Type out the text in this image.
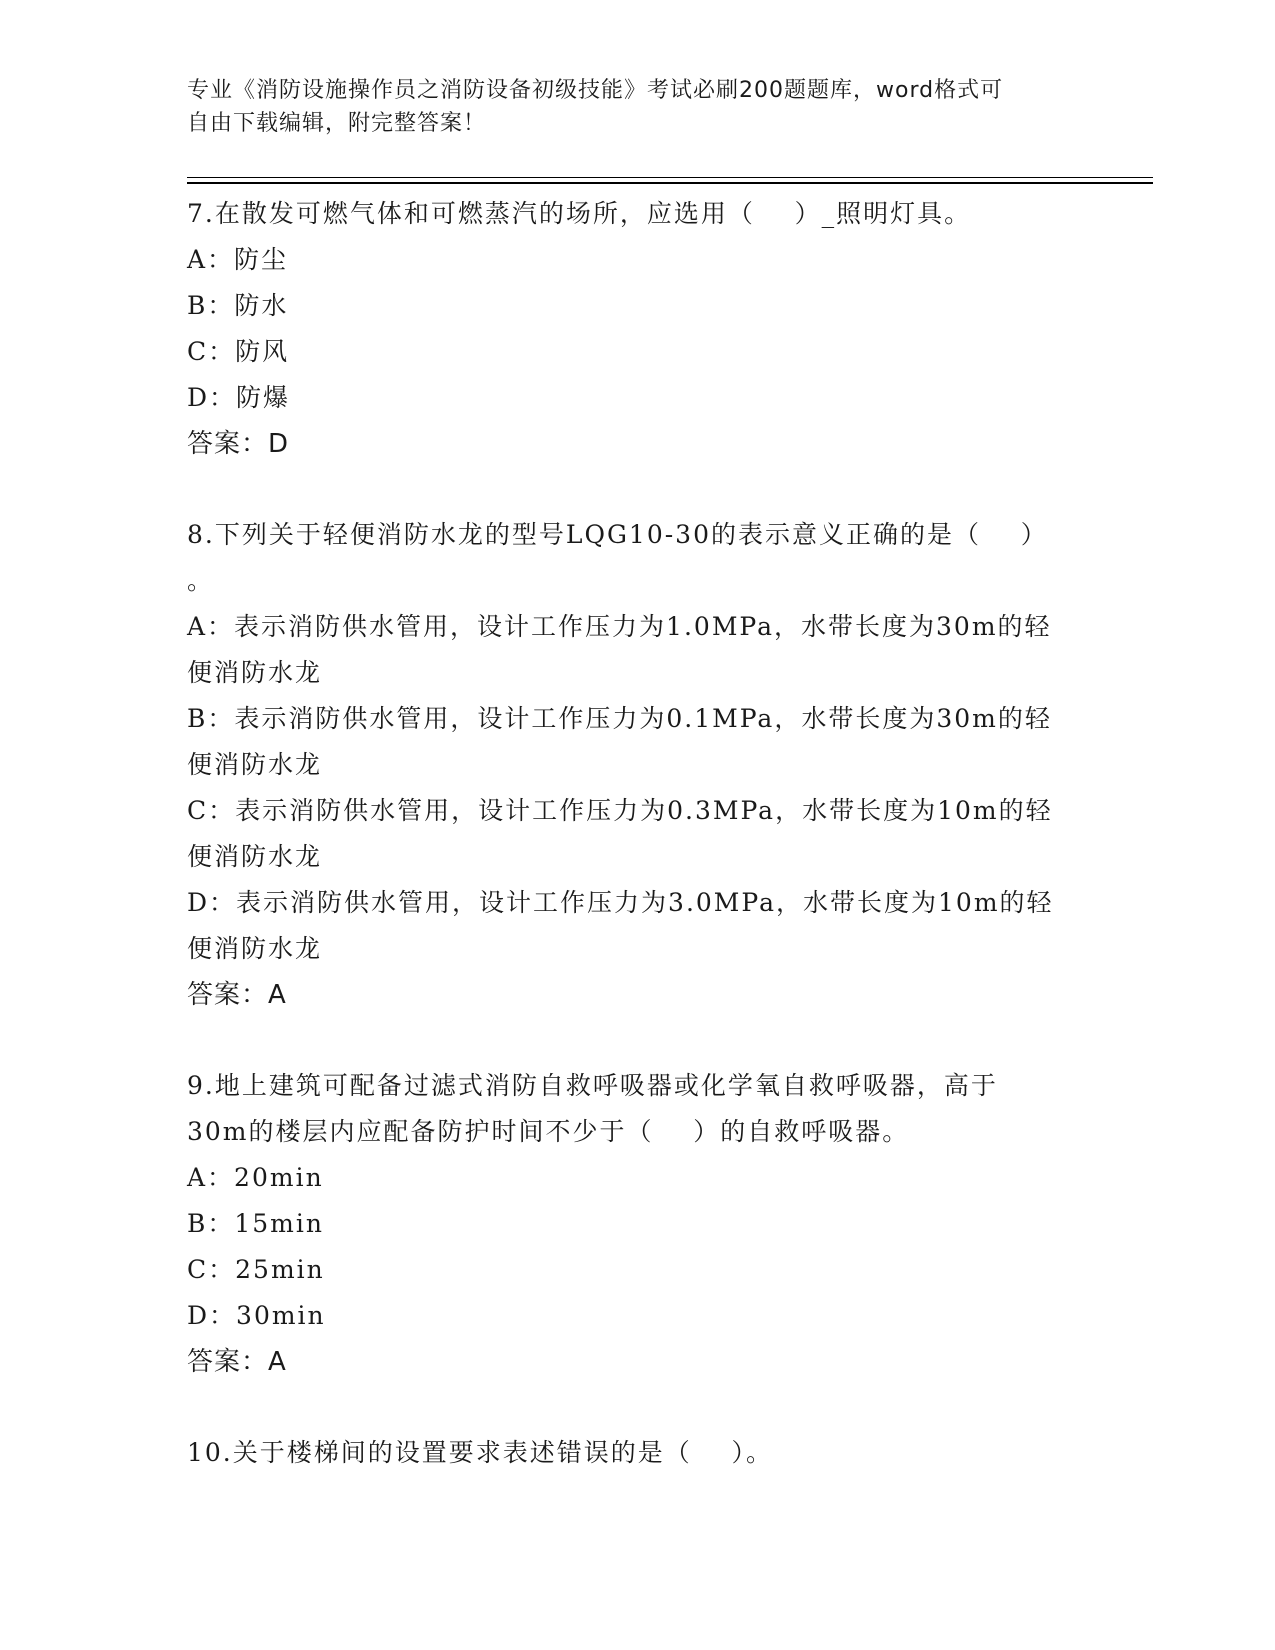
专业《消防设施操作员之消防设备初级技能》考试必刷200题题库，word格式可
自由下载编辑，附完整答案！
7.在散发可燃气体和可燃蒸汽的场所，应选用（    ）_照明灯具。
A：防尘
B：防水
C：防风
D：防爆
答案：D
8.下列关于轻便消防水龙的型号LQG10-30的表示意义正确的是（    ）
。
A：表示消防供水管用，设计工作压力为1.0MPa，水带长度为30m的轻
便消防水龙
B：表示消防供水管用，设计工作压力为0.1MPa，水带长度为30m的轻
便消防水龙
C：表示消防供水管用，设计工作压力为0.3MPa，水带长度为10m的轻
便消防水龙
D：表示消防供水管用，设计工作压力为3.0MPa，水带长度为10m的轻
便消防水龙
答案：A
9.地上建筑可配备过滤式消防自救呼吸器或化学氧自救呼吸器，高于
30m的楼层内应配备防护时间不少于（    ）的自救呼吸器。
A：20min
B：15min
C：25min
D：30min
答案：A
10.关于楼梯间的设置要求表述错误的是（    ）。
